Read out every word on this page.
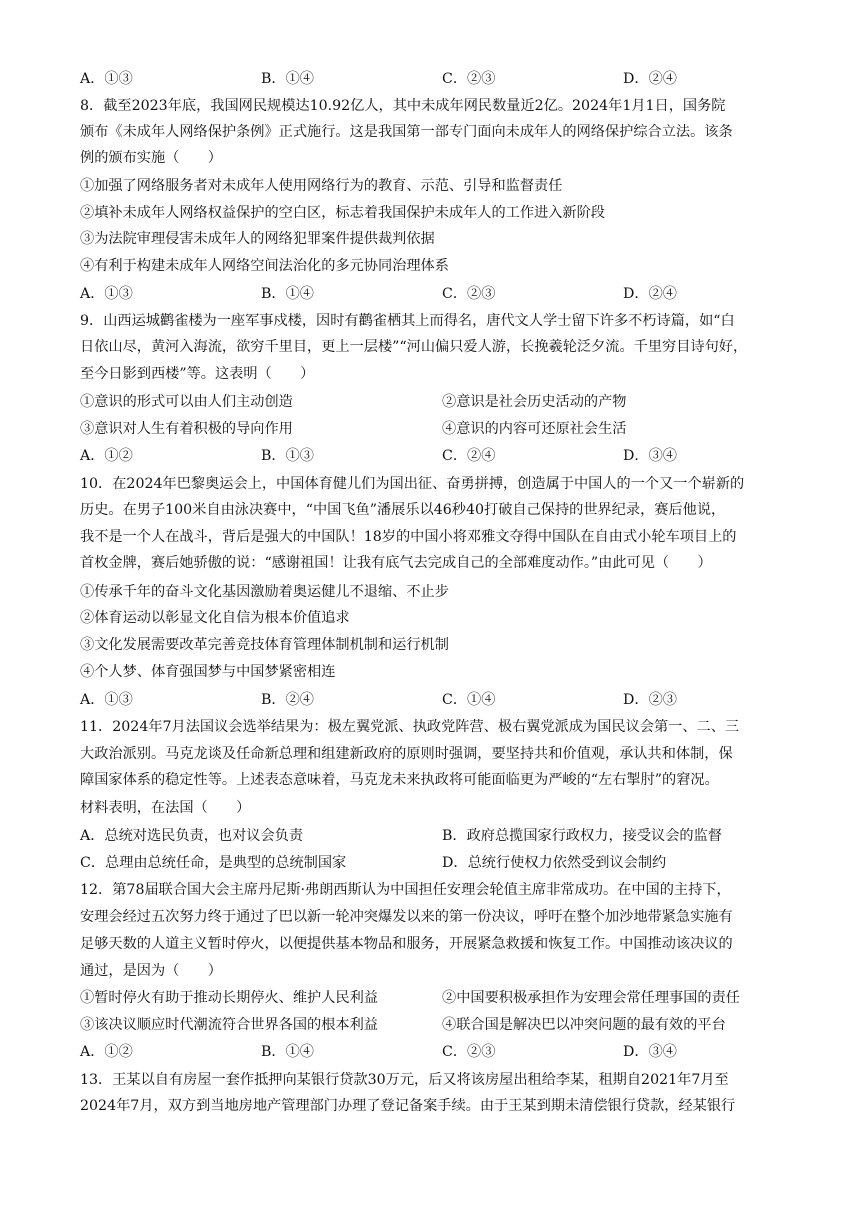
A．①③	B．①④	C．②③	D．②④
8．截至2023年底，我国网民规模达10.92亿人，其中未成年网民数量近2亿。2024年1月1日，国务院
颁布《未成年人网络保护条例》正式施行。这是我国第一部专门面向未成年人的网络保护综合立法。该条
例的颁布实施（　　）
①加强了网络服务者对未成年人使用网络行为的教育、示范、引导和监督责任
②填补未成年人网络权益保护的空白区，标志着我国保护未成年人的工作进入新阶段
③为法院审理侵害未成年人的网络犯罪案件提供裁判依据
④有利于构建未成年人网络空间法治化的多元协同治理体系
A．①③	B．①④	C．②③	D．②④
9．山西运城鹳雀楼为一座军事戍楼，因时有鹳雀栖其上而得名，唐代文人学士留下许多不朽诗篇，如“白
日依山尽，黄河入海流，欲穷千里目，更上一层楼”“河山偏只爱人游，长挽羲轮泛夕流。千里穷目诗句好，
至今日影到西楼”等。这表明（　　）
①意识的形式可以由人们主动创造	②意识是社会历史活动的产物
③意识对人生有着积极的导向作用	④意识的内容可还原社会生活
A．①②	B．①③	C．②④	D．③④
10．在2024年巴黎奥运会上，中国体育健儿们为国出征、奋勇拼搏，创造属于中国人的一个又一个崭新的
历史。在男子100米自由泳决赛中，“中国飞鱼”潘展乐以46秒40打破自己保持的世界纪录，赛后他说，
我不是一个人在战斗，背后是强大的中国队！18岁的中国小将邓雅文夺得中国队在自由式小轮车项目上的
首枚金牌，赛后她骄傲的说：“感谢祖国！让我有底气去完成自己的全部难度动作。”由此可见（　　）
①传承千年的奋斗文化基因激励着奥运健儿不退缩、不止步
②体育运动以彰显文化自信为根本价值追求
③文化发展需要改革完善竞技体育管理体制机制和运行机制
④个人梦、体育强国梦与中国梦紧密相连
A．①③	B．②④	C．①④	D．②③
11．2024年7月法国议会选举结果为：极左翼党派、执政党阵营、极右翼党派成为国民议会第一、二、三
大政治派别。马克龙谈及任命新总理和组建新政府的原则时强调，要坚持共和价值观，承认共和体制，保
障国家体系的稳定性等。上述表态意味着，马克龙未来执政将可能面临更为严峻的“左右掣肘”的窘况。
材料表明，在法国（　　）
A．总统对选民负责，也对议会负责	B．政府总揽国家行政权力，接受议会的监督
C．总理由总统任命，是典型的总统制国家	D．总统行使权力依然受到议会制约
12．第78届联合国大会主席丹尼斯·弗朗西斯认为中国担任安理会轮值主席非常成功。在中国的主持下，
安理会经过五次努力终于通过了巴以新一轮冲突爆发以来的第一份决议，呼吁在整个加沙地带紧急实施有
足够天数的人道主义暂时停火，以便提供基本物品和服务，开展紧急救援和恢复工作。中国推动该决议的
通过，是因为（　　）
①暂时停火有助于推动长期停火、维护人民利益	②中国要积极承担作为安理会常任理事国的责任
③该决议顺应时代潮流符合世界各国的根本利益	④联合国是解决巴以冲突问题的最有效的平台
A．①②	B．①④	C．②③	D．③④
13．王某以自有房屋一套作抵押向某银行贷款30万元，后又将该房屋出租给李某，租期自2021年7月至
2024年7月，双方到当地房地产管理部门办理了登记备案手续。由于王某到期未清偿银行贷款，经某银行
